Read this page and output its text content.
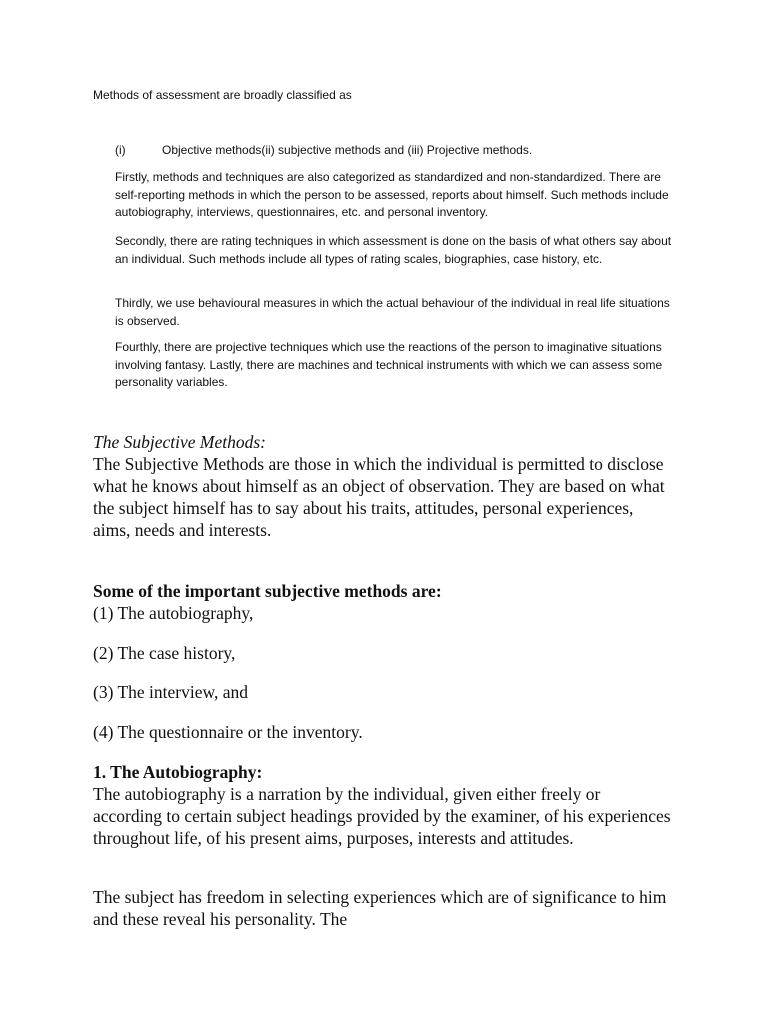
Methods of assessment are broadly classified as

(i)	Objective methods(ii) subjective methods and (iii) Projective methods.

Firstly, methods and techniques are also categorized as standardized and non-standardized. There are self-reporting methods in which the person to be assessed, reports about himself. Such methods include autobiography, interviews, questionnaires, etc. and personal inventory.

Secondly, there are rating techniques in which assessment is done on the basis of what others say about an individual. Such methods include all types of rating scales, biographies, case history, etc.

Thirdly, we use behavioural measures in which the actual behaviour of the individual in real life situations is observed.

Fourthly, there are projective techniques which use the reactions of the person to imaginative situations involving fantasy. Lastly, there are machines and technical instruments with which we can assess some personality variables.

The Subjective Methods:

The Subjective Methods are those in which the individual is permitted to disclose what he knows about himself as an object of observation. They are based on what the subject himself has to say about his traits, attitudes, personal experiences, aims, needs and interests.

Some of the important subjective methods are:

(1) The autobiography,

(2) The case history,

(3) The interview, and

(4) The questionnaire or the inventory.

1. The Autobiography:

The autobiography is a narration by the individual, given either freely or according to certain subject headings provided by the examiner, of his experiences throughout life, of his present aims, purposes, interests and attitudes.

The subject has freedom in selecting experiences which are of significance to him and these reveal his personality. The
